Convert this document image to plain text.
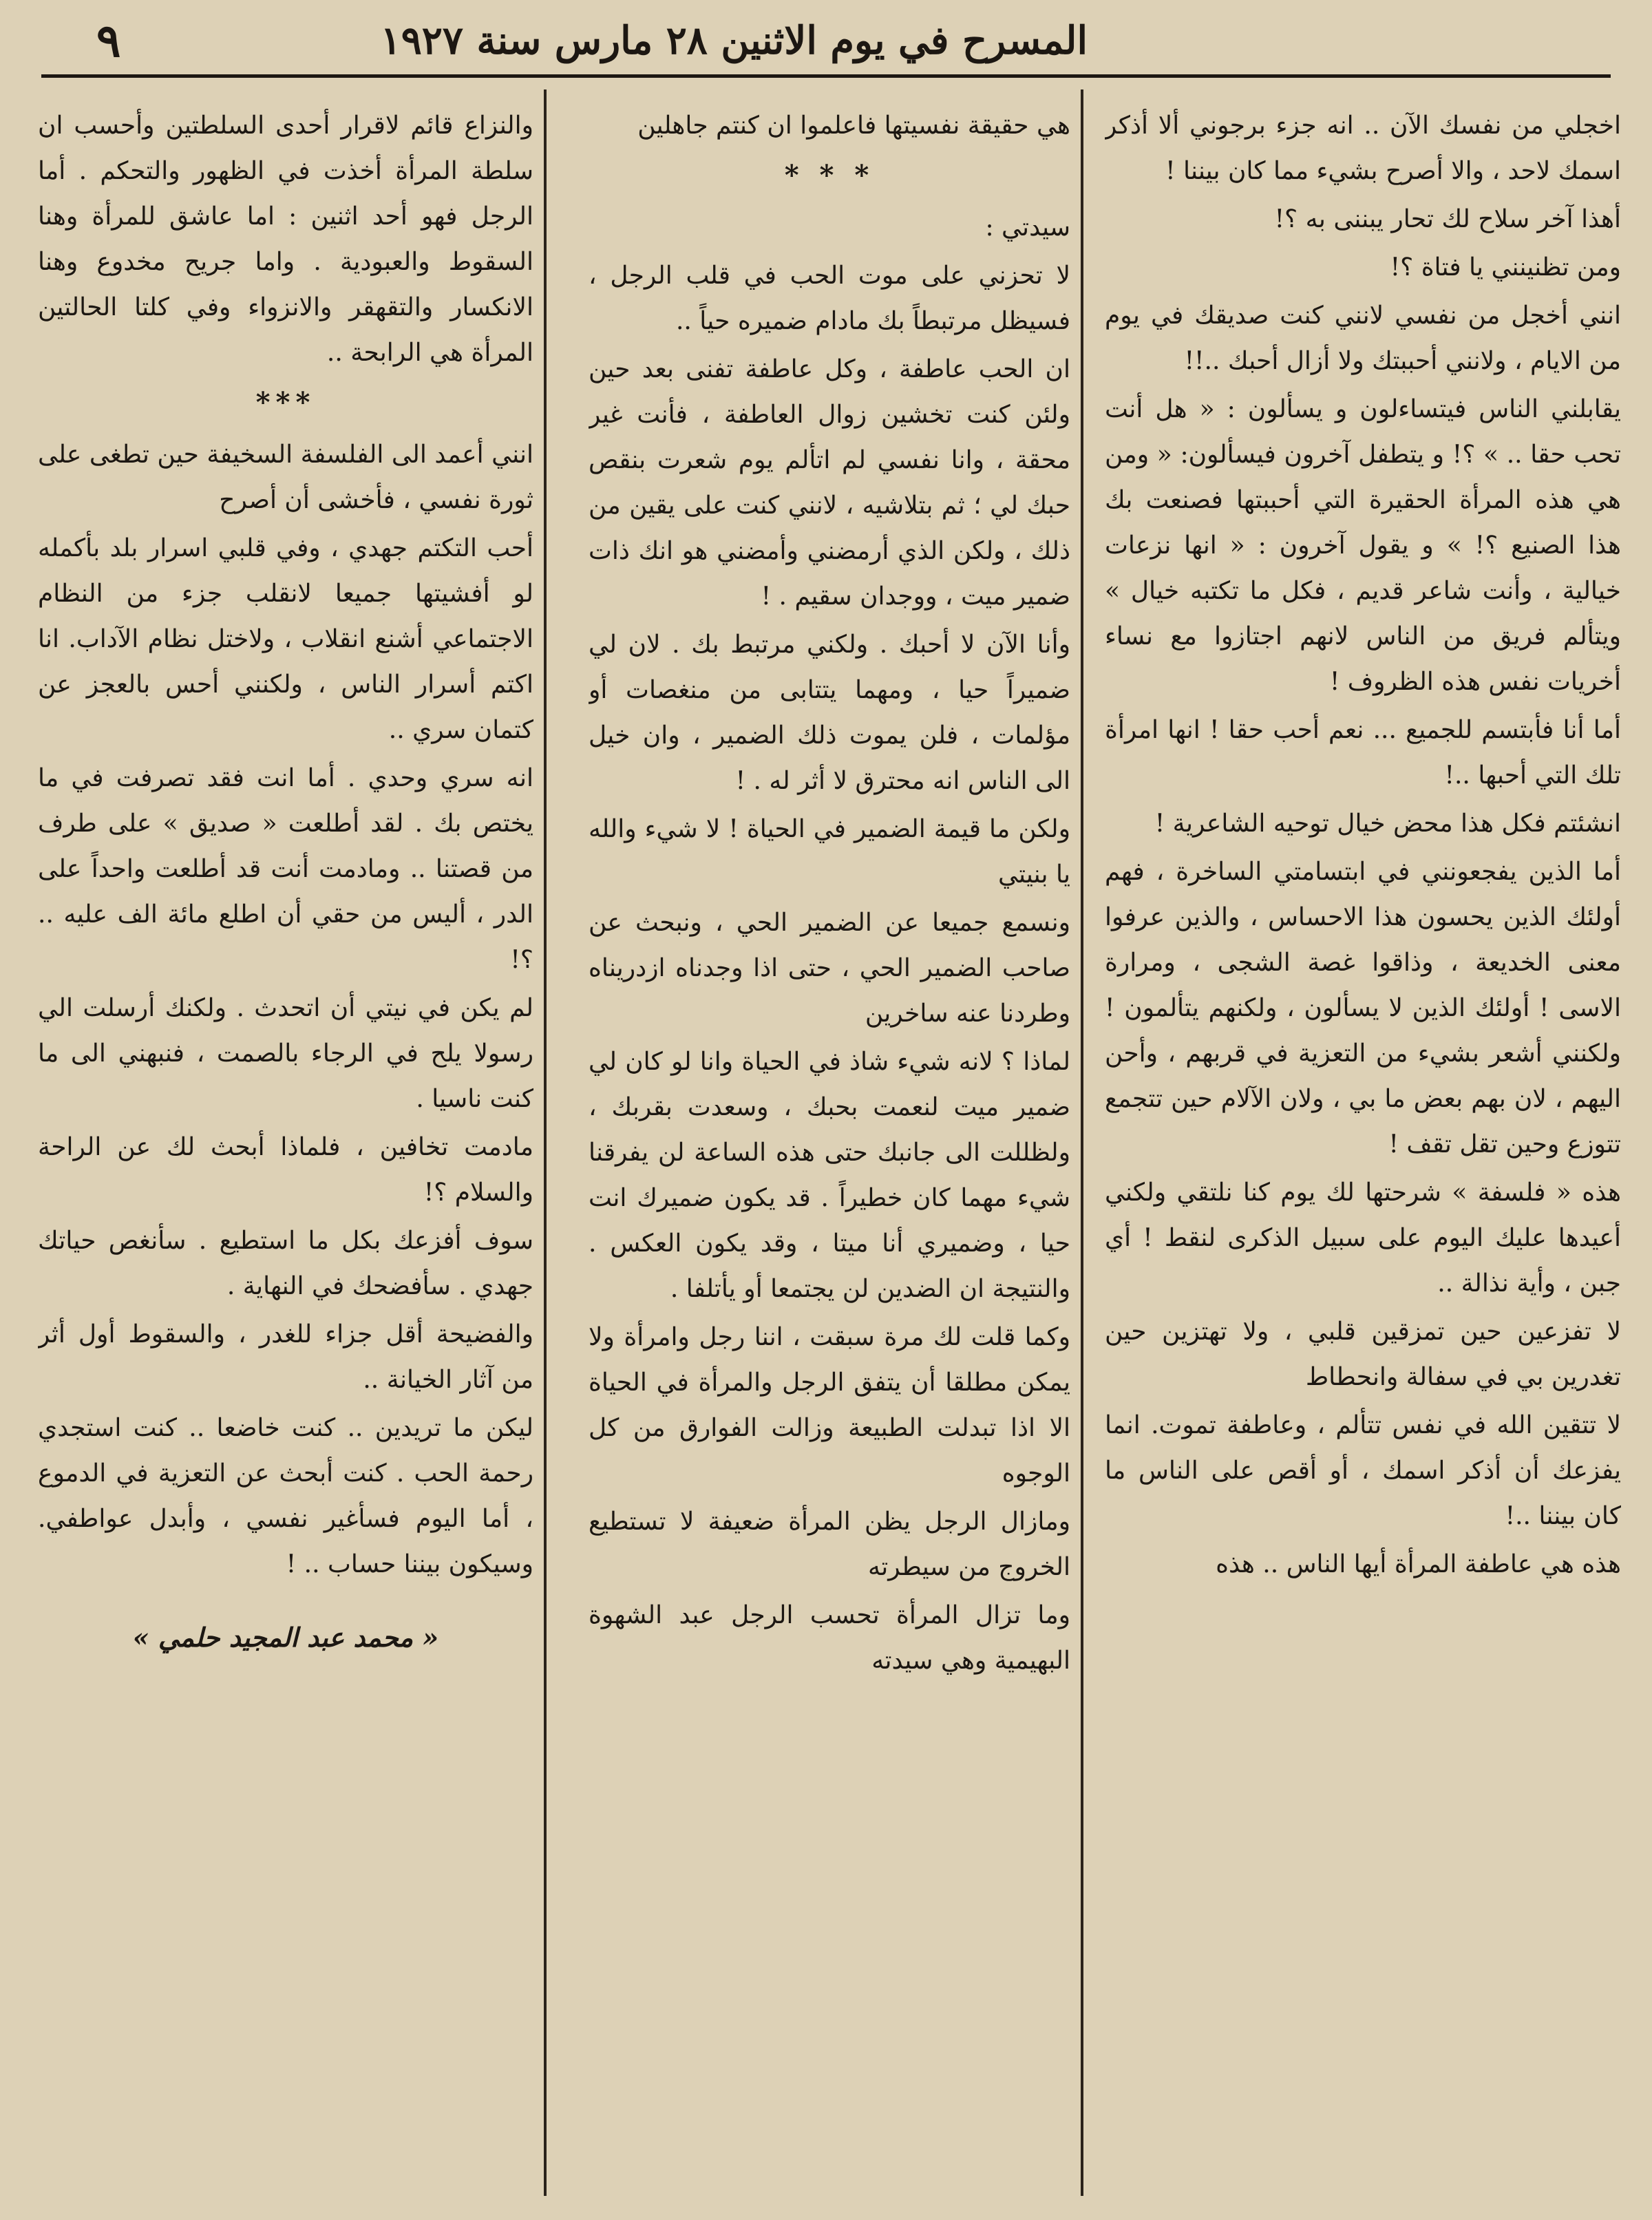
المسرح في يوم الاثنين ٢٨ مارس سنة ١٩٢٧
٩

اخجلي من نفسك الآن .. انه جزء برجوني ألا أذكر اسمك لاحد ، والا أصرح بشيء مما كان بيننا !

أهذا آخر سلاح لك تحار يبننى به ؟!

ومن تظنينني يا فتاة ؟!

انني أخجل من نفسي لانني كنت صديقك في يوم من الايام ، ولانني أحببتك ولا أزال أحبك ..!!

يقابلني الناس فيتساءلون و يسألون : « هل أنت تحب حقا .. » ؟! و يتطفل آخرون فيسألون: « ومن هي هذه المرأة الحقيرة التي أحببتها فصنعت بك هذا الصنيع ؟! » و يقول آخرون : « انها نزعات خيالية ، وأنت شاعر قديم ، فكل ما تكتبه خيال » ويتألم فريق من الناس لانهم اجتازوا مع نساء أخريات نفس هذه الظروف !

أما أنا فأبتسم للجميع ... نعم أحب حقا ! انها امرأة تلك التي أحبها ..!

انشئتم فكل هذا محض خيال توحيه الشاعرية !

أما الذين يفجعونني في ابتسامتي الساخرة ، فهم أولئك الذين يحسون هذا الاحساس ، والذين عرفوا معنى الخديعة ، وذاقوا غصة الشجى ، ومرارة الاسى ! أولئك الذين لا يسألون ، ولكنهم يتألمون ! ولكنني أشعر بشيء من التعزية في قربهم ، وأحن اليهم ، لان بهم بعض ما بي ، ولان الآلام حين تتجمع تتوزع وحين تقل تقف !

هذه « فلسفة » شرحتها لك يوم كنا نلتقي ولكني أعيدها عليك اليوم على سبيل الذكرى لنقط ! أي جبن ، وأية نذالة ..

لا تفزعين حين تمزقين قلبي ، ولا تهتزين حين تغدرين بي في سفالة وانحطاط

لا تتقين الله في نفس تتألم ، وعاطفة تموت. انما يفزعك أن أذكر اسمك ، أو أقص على الناس ما كان بيننا ..!

هذه هي عاطفة المرأة أيها الناس .. هذه

هي حقيقة نفسيتها فاعلموا ان كنتم جاهلين

* * *

سيدتي :

لا تحزني على موت الحب في قلب الرجل ، فسيظل مرتبطاً بك مادام ضميره حياً ..

ان الحب عاطفة ، وكل عاطفة تفنى بعد حين ولئن كنت تخشين زوال العاطفة ، فأنت غير محقة ، وانا نفسي لم اتألم يوم شعرت بنقص حبك لي ؛ ثم بتلاشيه ، لانني كنت على يقين من ذلك ، ولكن الذي أرمضني وأمضني هو انك ذات ضمير ميت ، ووجدان سقيم . !

وأنا الآن لا أحبك . ولكني مرتبط بك . لان لي ضميراً حيا ، ومهما يتتابى من منغصات أو مؤلمات ، فلن يموت ذلك الضمير ، وان خيل الى الناس انه محترق لا أثر له . !

ولكن ما قيمة الضمير في الحياة ! لا شيء والله يا بنيتي

ونسمع جميعا عن الضمير الحي ، ونبحث عن صاحب الضمير الحي ، حتى اذا وجدناه ازدريناه وطردنا عنه ساخرين

لماذا ؟ لانه شيء شاذ في الحياة وانا لو كان لي ضمير ميت لنعمت بحبك ، وسعدت بقربك ، ولظللت الى جانبك حتى هذه الساعة لن يفرقنا شيء مهما كان خطيراً . قد يكون ضميرك انت حيا ، وضميري أنا ميتا ، وقد يكون العكس . والنتيجة ان الضدين لن يجتمعا أو يأتلفا .

وكما قلت لك مرة سبقت ، اننا رجل وامرأة ولا يمكن مطلقا أن يتفق الرجل والمرأة في الحياة الا اذا تبدلت الطبيعة وزالت الفوارق من كل الوجوه

ومازال الرجل يظن المرأة ضعيفة لا تستطيع الخروج من سيطرته

وما تزال المرأة تحسب الرجل عبد الشهوة البهيمية وهي سيدته

والنزاع قائم لاقرار أحدى السلطتين وأحسب ان سلطة المرأة أخذت في الظهور والتحكم . أما الرجل فهو أحد اثنين : اما عاشق للمرأة وهنا السقوط والعبودية . واما جريح مخدوع وهنا الانكسار والتقهقر والانزواء وفي كلتا الحالتين المرأة هي الرابحة ..

***

انني أعمد الى الفلسفة السخيفة حين تطغى على ثورة نفسي ، فأخشى أن أصرح

أحب التكتم جهدي ، وفي قلبي اسرار بلد بأكمله لو أفشيتها جميعا لانقلب جزء من النظام الاجتماعي أشنع انقلاب ، ولاختل نظام الآداب. انا اكتم أسرار الناس ، ولكنني أحس بالعجز عن كتمان سري ..

انه سري وحدي . أما انت فقد تصرفت في ما يختص بك . لقد أطلعت « صديق » على طرف من قصتنا .. ومادمت أنت قد أطلعت واحداً على الدر ، أليس من حقي أن اطلع مائة الف عليه .. ؟!

لم يكن في نيتي أن اتحدث . ولكنك أرسلت الي رسولا يلح في الرجاء بالصمت ، فنبهني الى ما كنت ناسيا .

مادمت تخافين ، فلماذا أبحث لك عن الراحة والسلام ؟!

سوف أفزعك بكل ما استطيع . سأنغص حياتك جهدي . سأفضحك في النهاية .

والفضيحة أقل جزاء للغدر ، والسقوط أول أثر من آثار الخيانة ..

ليكن ما تريدين .. كنت خاضعا .. كنت استجدي رحمة الحب . كنت أبحث عن التعزية في الدموع ، أما اليوم فسأغير نفسي ، وأبدل عواطفي. وسيكون بيننا حساب .. !

« محمد عبد المجيد حلمي »
